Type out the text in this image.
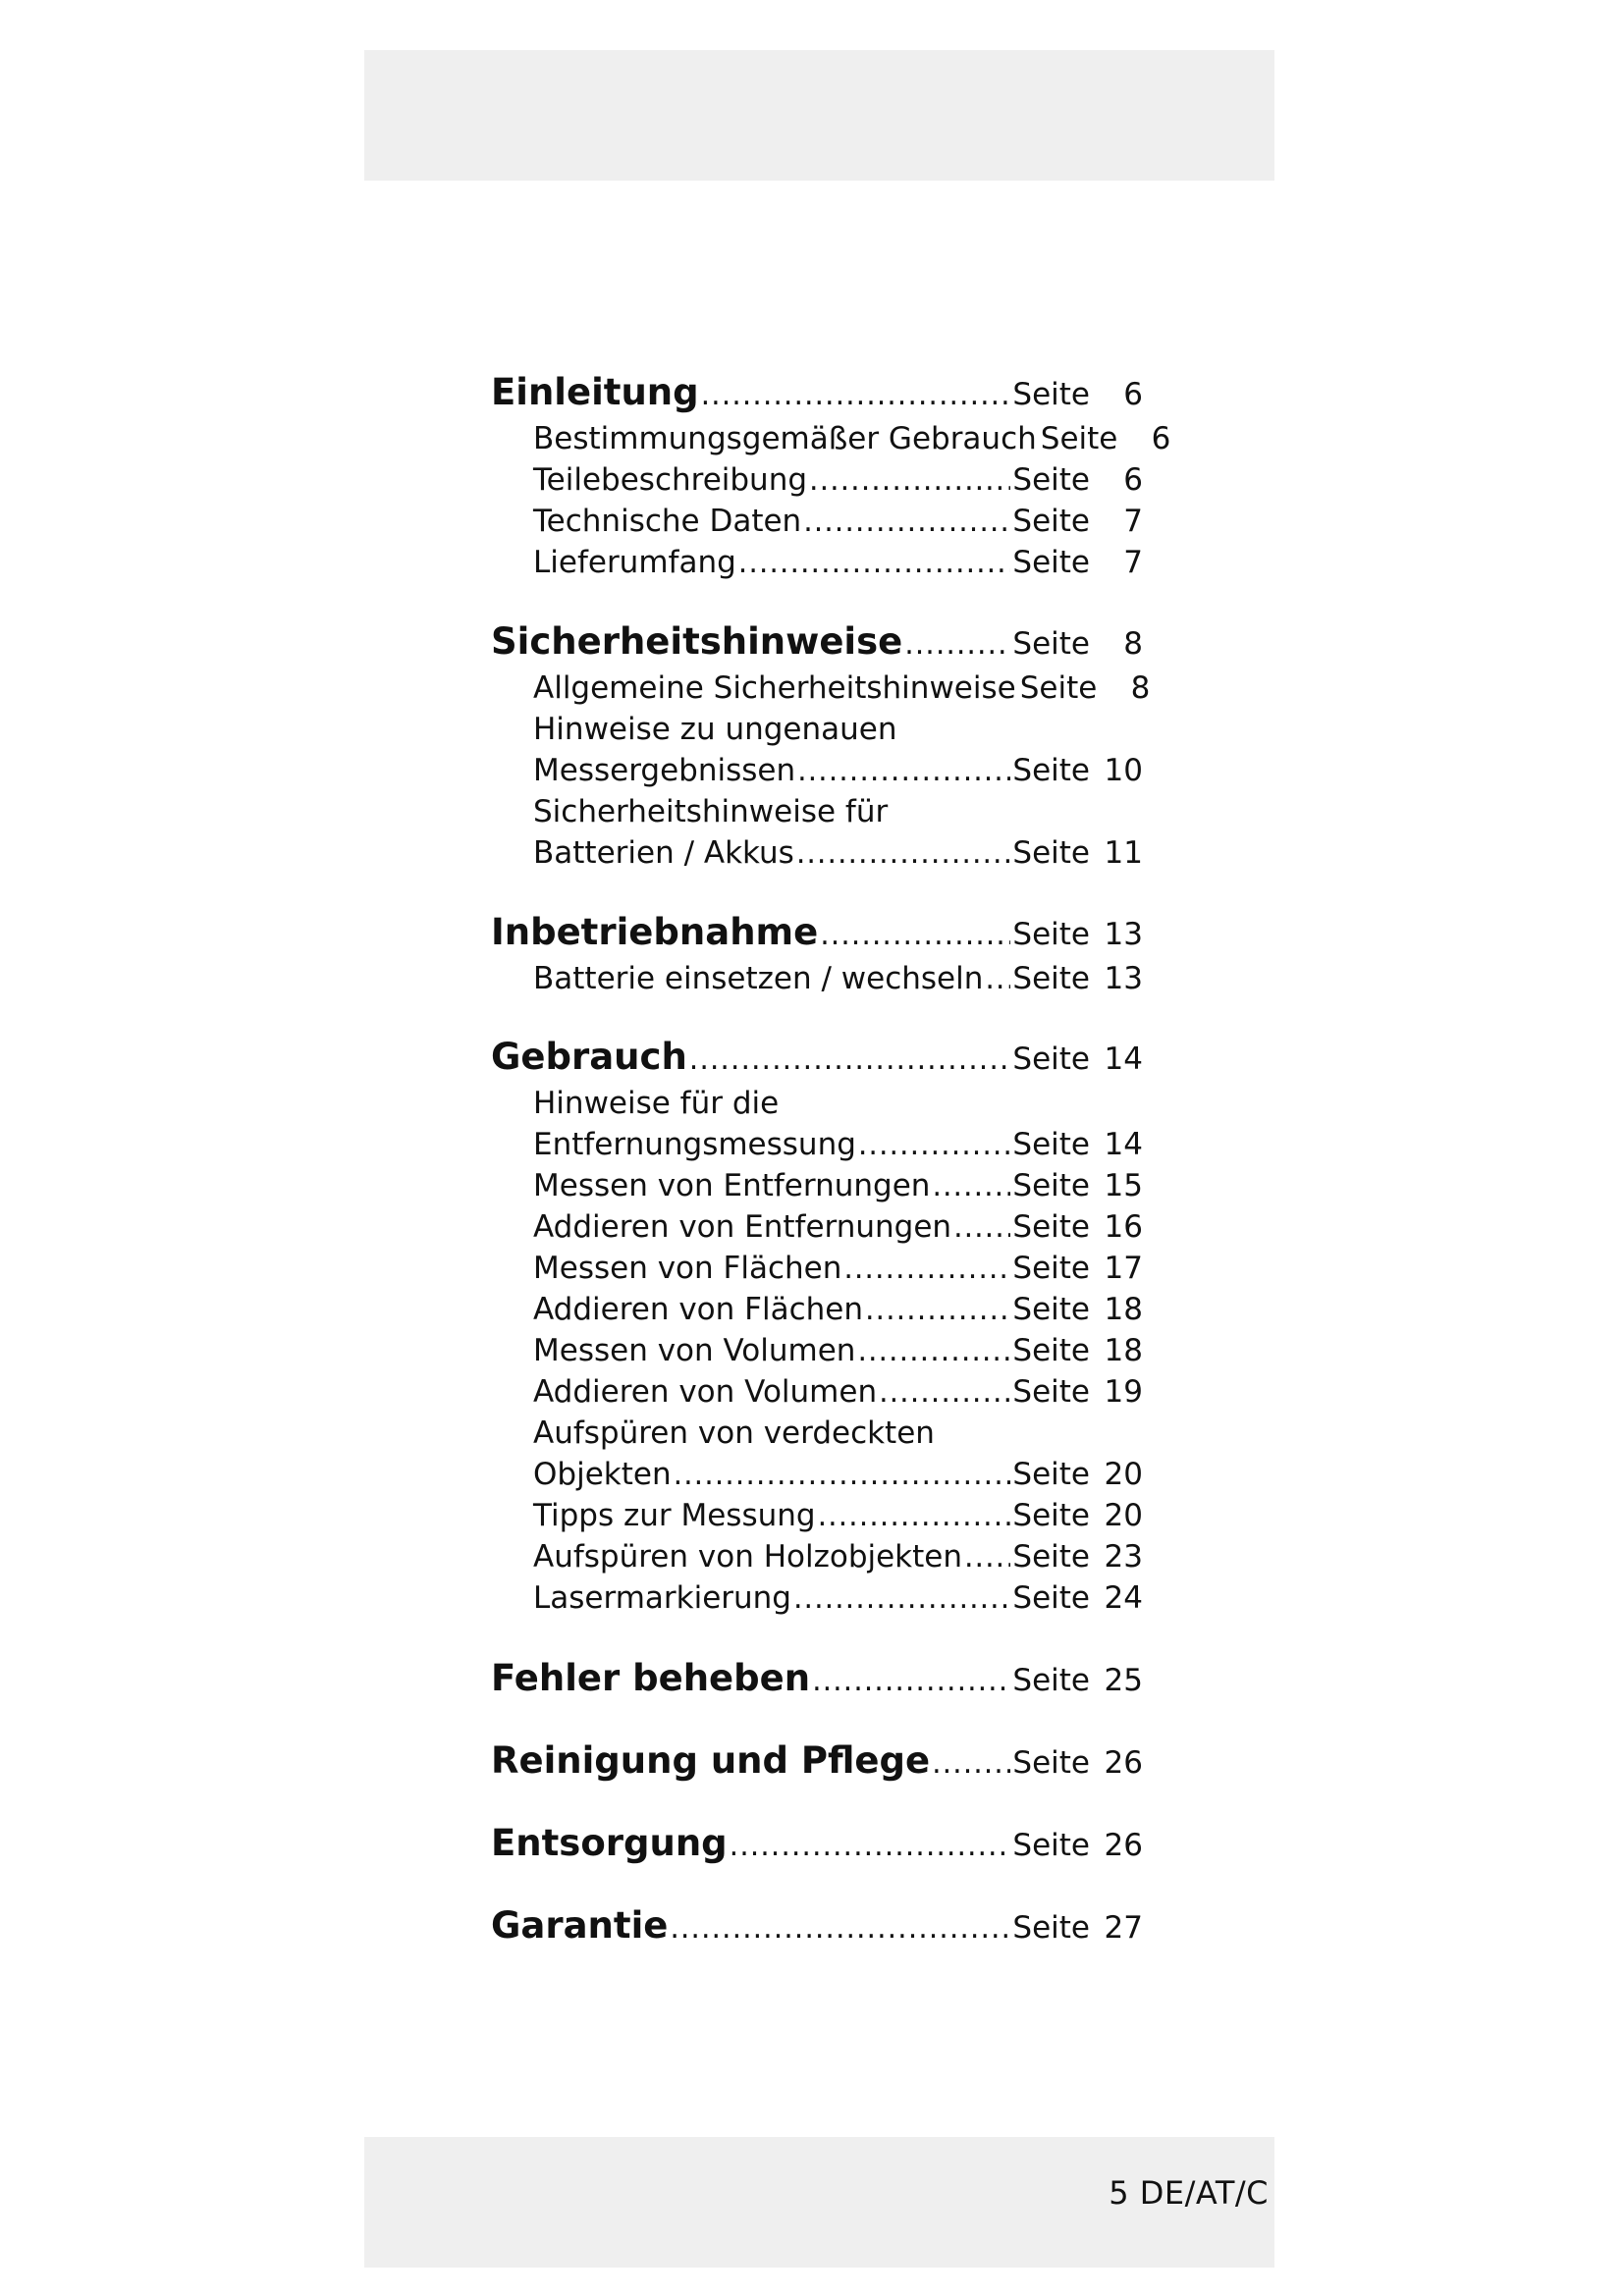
Einleitung .....	Seite	6
Bestimmungsgemäßer Gebrauch Seite	6
Teilebeschreibung .....	Seite	6
Technische Daten .....	Seite	7
Lieferumfang .....	Seite	7
Sicherheitshinweise .....	Seite	8
Allgemeine Sicherheitshinweise Seite	8
Hinweise zu ungenauen
Messergebnissen .....	Seite 10
Sicherheitshinweise für
Batterien / Akkus .....	Seite 11
Inbetriebnahme .....	Seite 13
Batterie einsetzen / wechseln ..... Seite 13
Gebrauch .....	Seite 14
Hinweise für die
Entfernungsmessung .....	Seite 14
Messen von Entfernungen .....	Seite 15
Addieren von Entfernungen ..... Seite 16
Messen von Flächen .....	Seite 17
Addieren von Flächen .....	Seite 18
Messen von Volumen .....	Seite 18
Addieren von Volumen .....	Seite 19
Aufspüren von verdeckten
Objekten .....	Seite 20
Tipps zur Messung .....	Seite 20
Aufspüren von Holzobjekten ..... Seite 23
Lasermarkierung .....	Seite 24
Fehler beheben .....	Seite 25
Reinigung und Pflege .....	Seite 26
Entsorgung .....	Seite 26
Garantie .....	Seite 27
5 DE/AT/C
